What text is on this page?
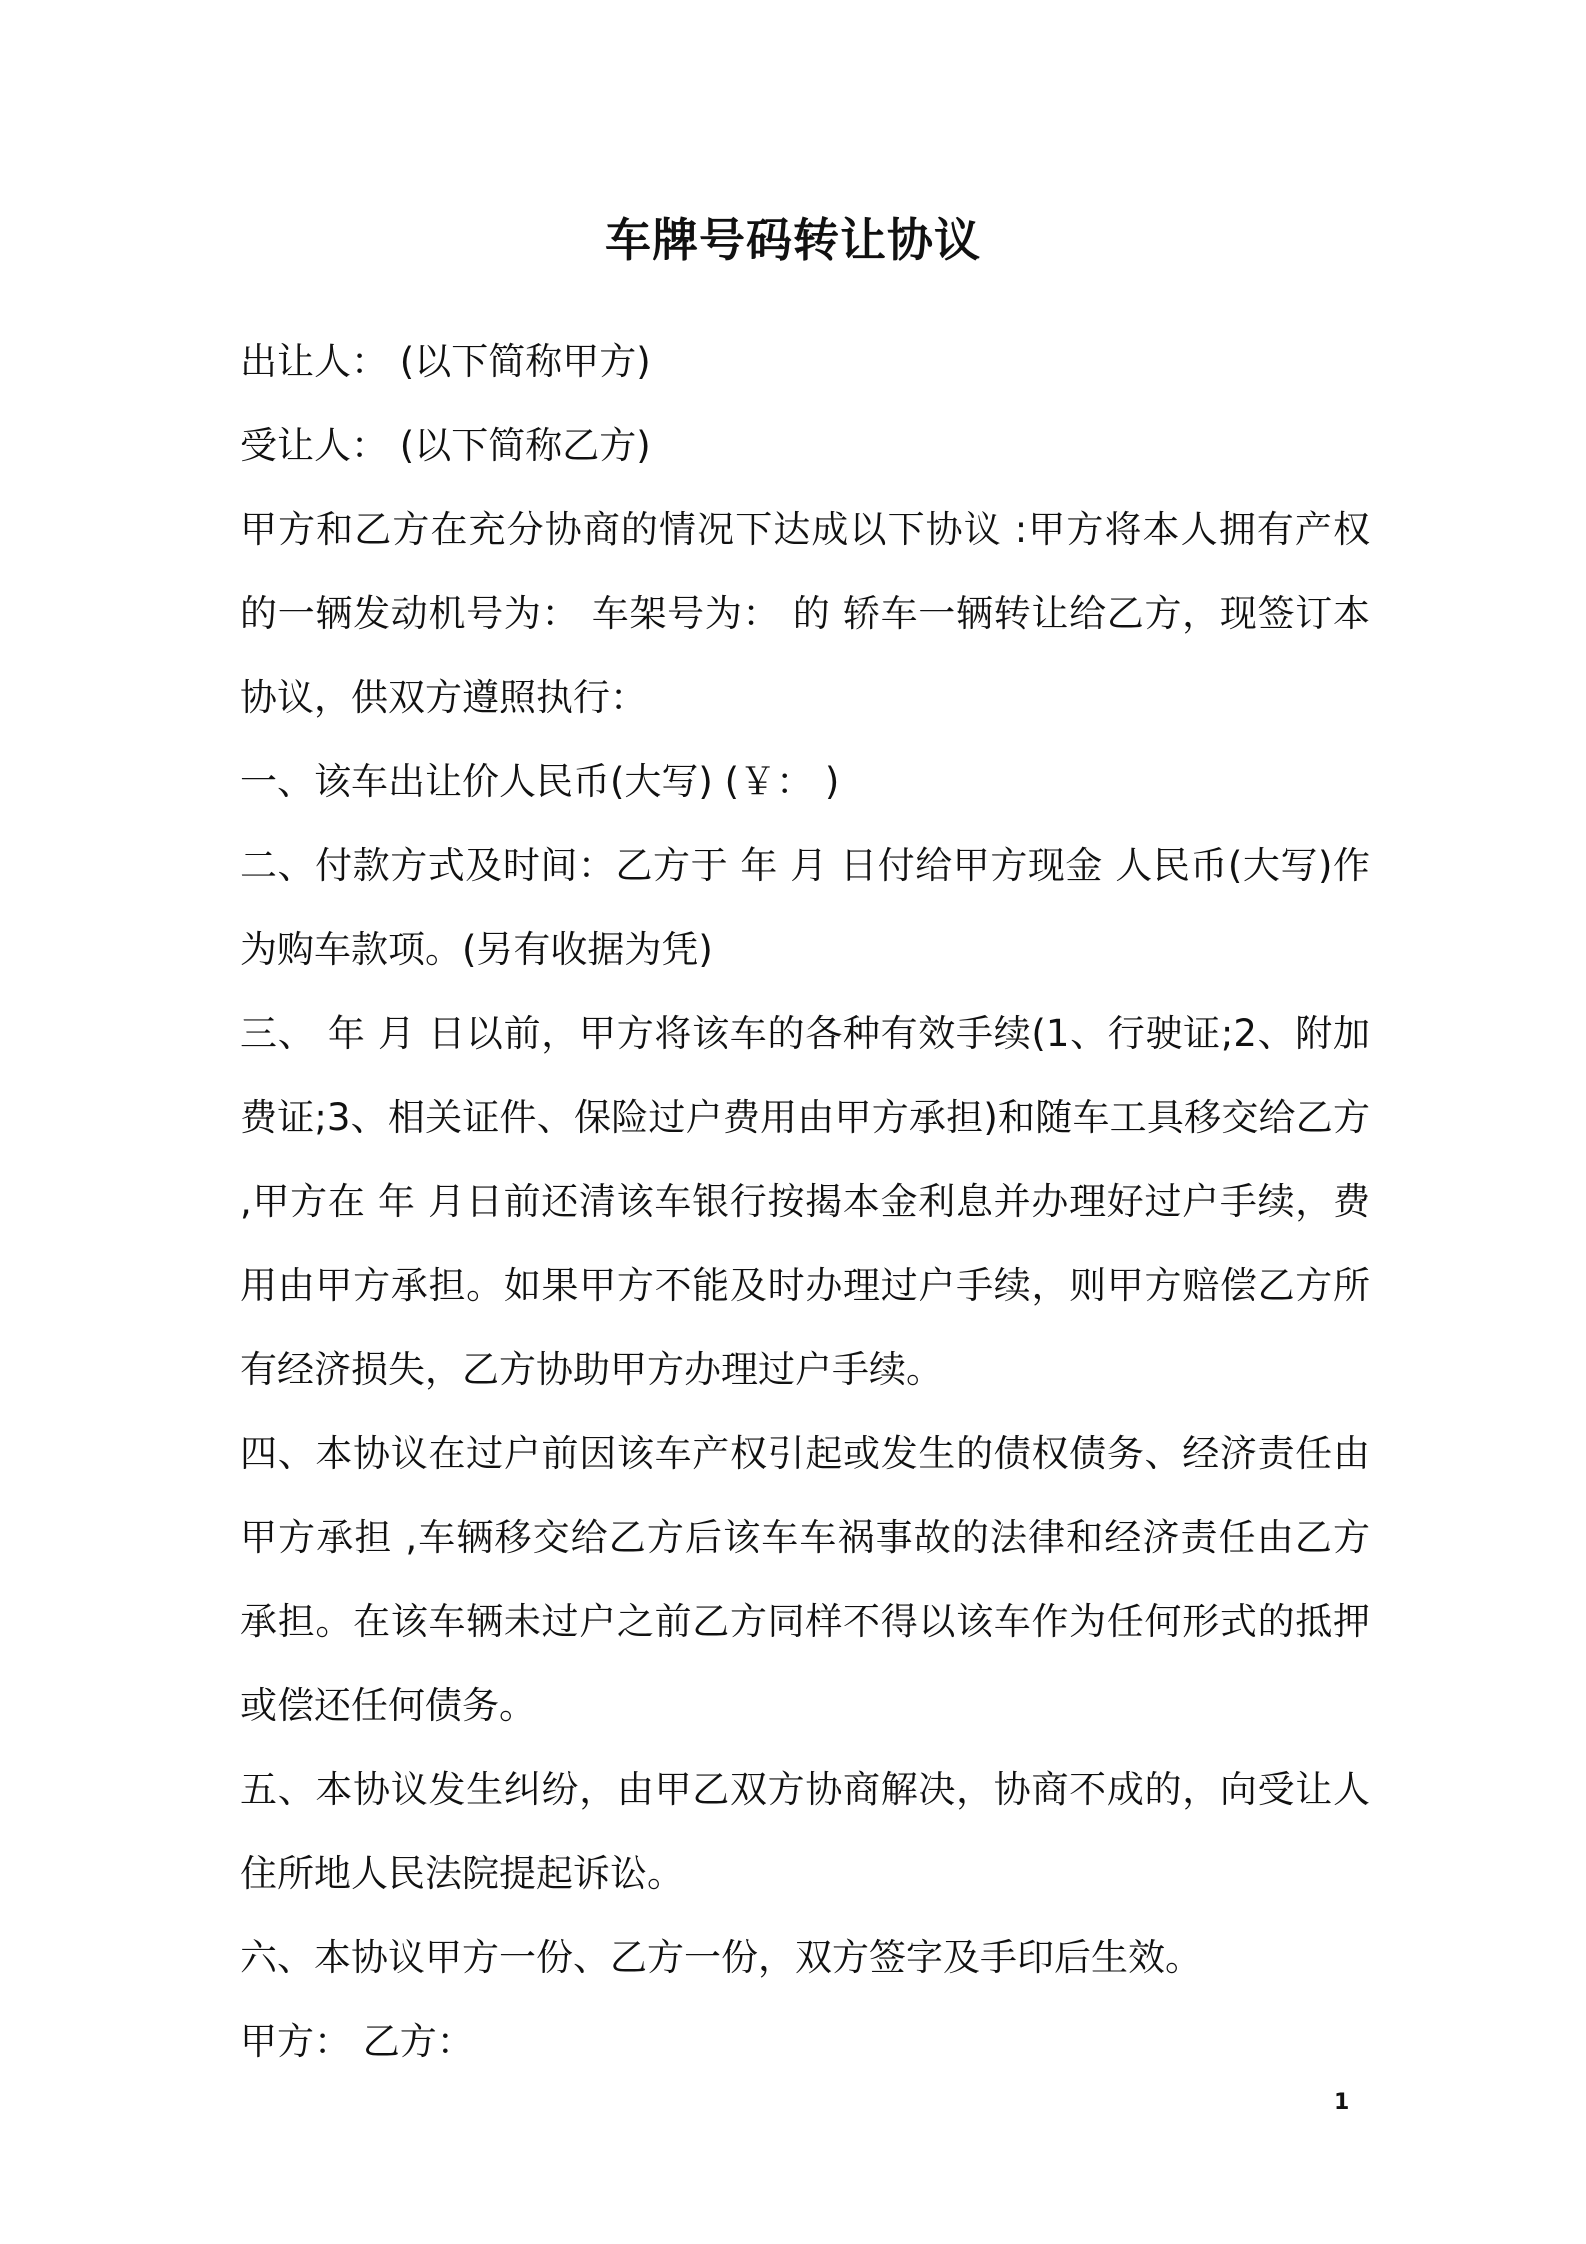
车牌号码转让协议

出让人： (以下简称甲方)

受让人： (以下简称乙方)

甲方和乙方在充分协商的情况下达成以下协议 :甲方将本人拥有产权的一辆发动机号为： 车架号为： 的 轿车一辆转让给乙方，现签订本协议，供双方遵照执行：

一、该车出让价人民币(大写) (￥： )

二、付款方式及时间：乙方于 年 月 日付给甲方现金 人民币(大写)作为购车款项。(另有收据为凭)

三、 年 月 日以前，甲方将该车的各种有效手续(1、行驶证;2、附加费证;3、相关证件、保险过户费用由甲方承担)和随车工具移交给乙方 ,甲方在 年 月日前还清该车银行按揭本金利息并办理好过户手续，费用由甲方承担。如果甲方不能及时办理过户手续，则甲方赔偿乙方所有经济损失，乙方协助甲方办理过户手续。

四、本协议在过户前因该车产权引起或发生的债权债务、经济责任由甲方承担 ,车辆移交给乙方后该车车祸事故的法律和经济责任由乙方承担。在该车辆未过户之前乙方同样不得以该车作为任何形式的抵押或偿还任何债务。

五、本协议发生纠纷，由甲乙双方协商解决，协商不成的，向受让人住所地人民法院提起诉讼。

六、本协议甲方一份、乙方一份，双方签字及手印后生效。

甲方： 乙方：

1
